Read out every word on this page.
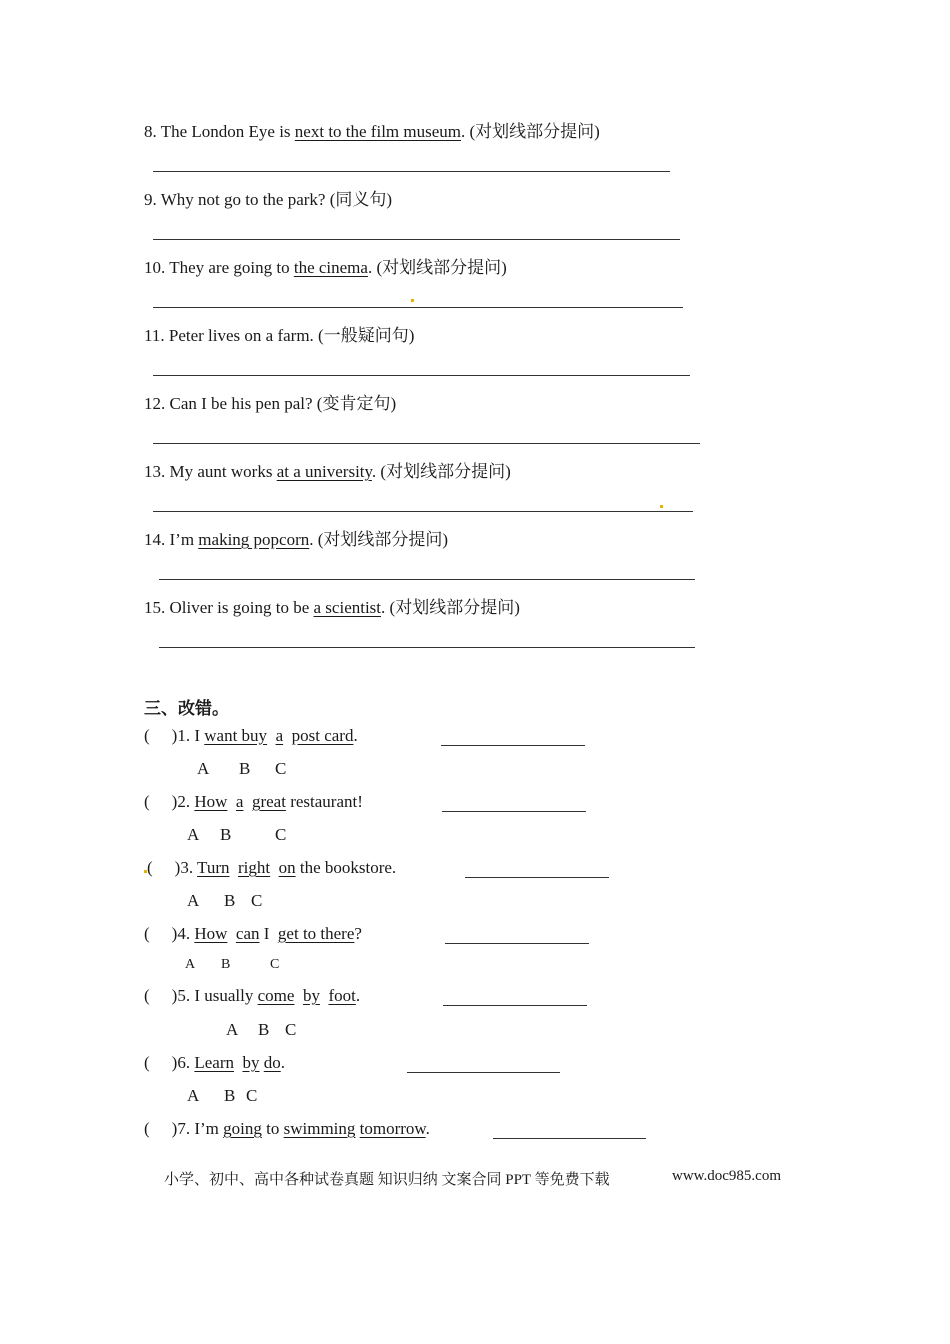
8. The London Eye is next to the film museum. (对划线部分提问)
9. Why not go to the park? (同义句)
10. They are going to the cinema. (对划线部分提问)
11. Peter lives on a farm. (一般疑问句)
12. Can I be his pen pal? (变肯定句)
13. My aunt works at a university. (对划线部分提问)
14. I’m making popcorn. (对划线部分提问)
15. Oliver is going to be a scientist. (对划线部分提问)
三、改错。
( )1. I want buy a post card.
A B C
( )2. How a great restaurant!
A B	C
( )3. Turn right on the bookstore.
A B C
( )4. How can I  get to there?
A B	C
( )5. I usually come by foot.
A B C
( )6. Learn by do.
A B C
( )7. I’m going to swimming tomorrow.
小学、初中、高中各种试卷真题 知识归纳 文案合同 PPT 等免费下载	www.doc985.com
